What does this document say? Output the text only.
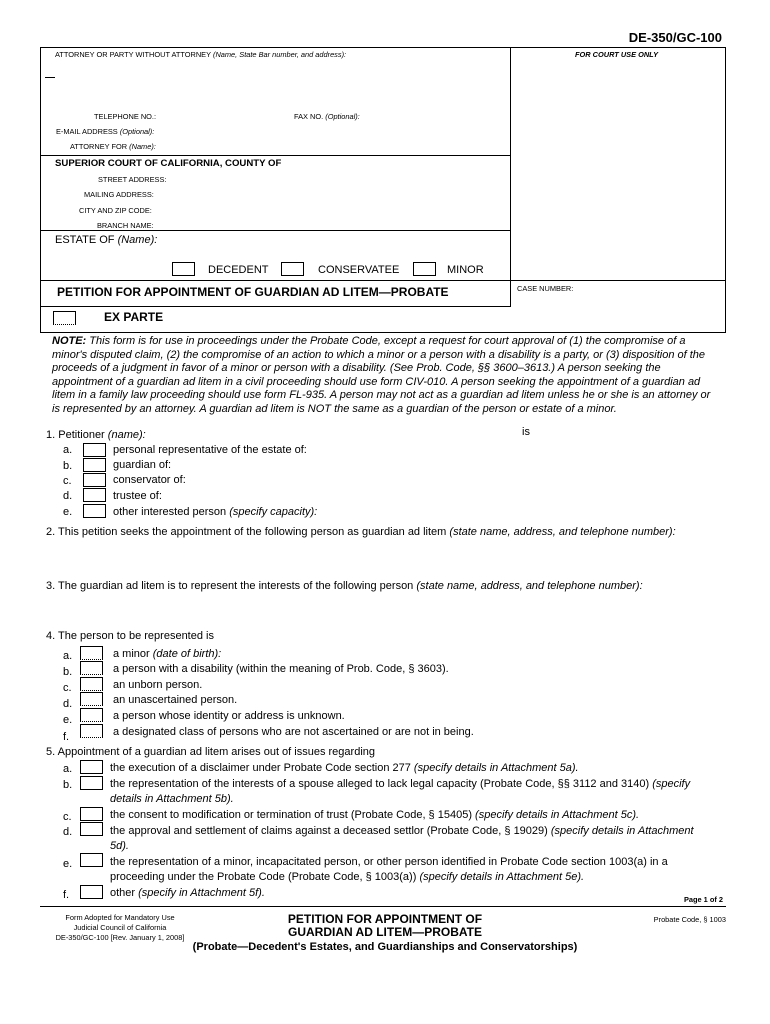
DE-350/GC-100
ATTORNEY OR PARTY WITHOUT ATTORNEY (Name, State Bar number, and address):	FOR COURT USE ONLY
TELEPHONE NO.:	FAX NO. (Optional):
E-MAIL ADDRESS (Optional):
ATTORNEY FOR (Name):
SUPERIOR COURT OF CALIFORNIA, COUNTY OF
STREET ADDRESS:
MAILING ADDRESS:
CITY AND ZIP CODE:
BRANCH NAME:
ESTATE OF (Name):
DECEDENT	CONSERVATEE	MINOR
PETITION FOR APPOINTMENT OF GUARDIAN AD LITEM—PROBATE	CASE NUMBER:
EX PARTE
NOTE: This form is for use in proceedings under the Probate Code, except a request for court approval of (1) the compromise of a minor's disputed claim, (2) the compromise of an action to which a minor or a person with a disability is a party, or (3) disposition of the proceeds of a judgment in favor of a minor or person with a disability. (See Prob. Code, §§ 3600–3613.) A person seeking the appointment of a guardian ad litem in a civil proceeding should use form CIV-010. A person seeking the appointment of a guardian ad litem in a family law proceeding should use form FL-935. A person may not act as a guardian ad litem unless he or she is an attorney or is represented by an attorney. A guardian ad litem is NOT the same as a guardian of the person or estate of a minor.
1. Petitioner (name):	is
a.	personal representative of the estate of:
b.	guardian of:
c.	conservator of:
d.	trustee of:
e.	other interested person (specify capacity):
2. This petition seeks the appointment of the following person as guardian ad litem (state name, address, and telephone number):
3. The guardian ad litem is to represent the interests of the following person (state name, address, and telephone number):
4. The person to be represented is
a.	a minor (date of birth):
b.	a person with a disability (within the meaning of Prob. Code, § 3603).
c.	an unborn person.
d.	an unascertained person.
e.	a person whose identity or address is unknown.
f.	a designated class of persons who are not ascertained or are not in being.
5. Appointment of a guardian ad litem arises out of issues regarding
a.	the execution of a disclaimer under Probate Code section 277 (specify details in Attachment 5a).
b.	the representation of the interests of a spouse alleged to lack legal capacity (Probate Code, §§ 3112 and 3140) (specify details in Attachment 5b).
c.	the consent to modification or termination of trust (Probate Code, § 15405) (specify details in Attachment 5c).
d.	the approval and settlement of claims against a deceased settlor (Probate Code, § 19029) (specify details in Attachment 5d).
e.	the representation of a minor, incapacitated person, or other person identified in Probate Code section 1003(a) in a proceeding under the Probate Code (Probate Code, § 1003(a)) (specify details in Attachment 5e).
f.	other (specify in Attachment 5f).
Page 1 of 2
Form Adopted for Mandatory Use
Judicial Council of California
DE-350/GC-100 [Rev. January 1, 2008]
PETITION FOR APPOINTMENT OF
GUARDIAN AD LITEM—PROBATE
(Probate—Decedent's Estates, and Guardianships and Conservatorships)
Probate Code, § 1003
